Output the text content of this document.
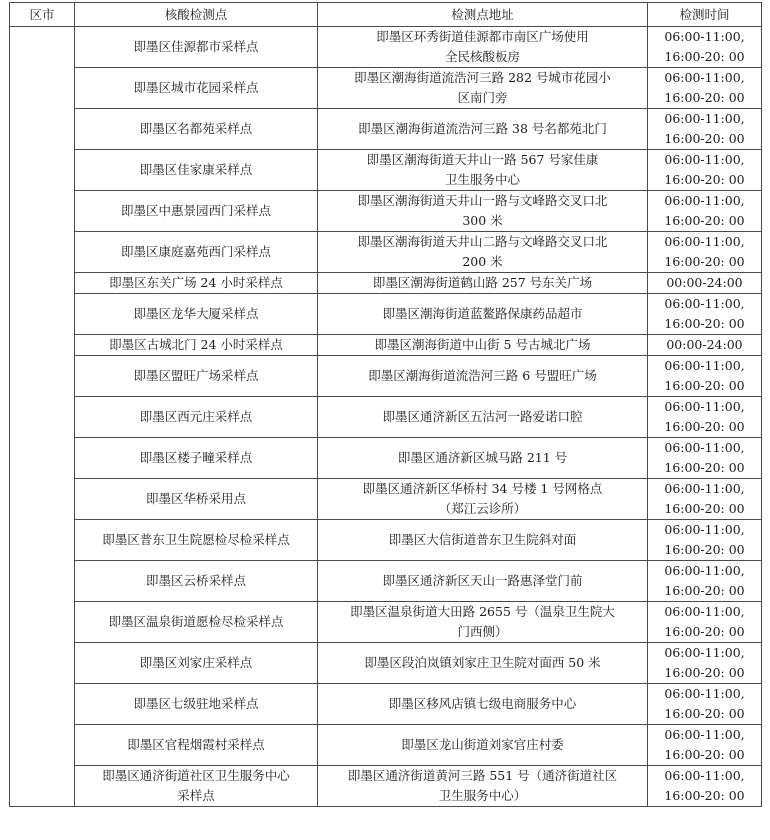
区市	核酸检测点	检测点地址	检测时间
	即墨区佳源都市采样点	即墨区环秀街道佳源都市南区广场使用
全民核酸板房	06:00-11:00,
16:00-20: 00
	即墨区城市花园采样点	即墨区潮海街道流浩河三路 282 号城市花园小
区南门旁	06:00-11:00,
16:00-20: 00
	即墨区名都苑采样点	即墨区潮海街道流浩河三路 38 号名都苑北门	06:00-11:00,
16:00-20: 00
	即墨区佳家康采样点	即墨区潮海街道天井山一路 567 号家佳康
卫生服务中心	06:00-11:00,
16:00-20: 00
	即墨区中惠景园西门采样点	即墨区潮海街道天井山一路与文峰路交叉口北
300 米	06:00-11:00,
16:00-20: 00
	即墨区康庭嘉苑西门采样点	即墨区潮海街道天井山二路与文峰路交叉口北
200 米	06:00-11:00,
16:00-20: 00
	即墨区东关广场 24 小时采样点	即墨区潮海街道鹤山路 257 号东关广场	00:00-24:00
	即墨区龙华大厦采样点	即墨区潮海街道蓝鳌路保康药品超市	06:00-11:00,
16:00-20: 00
	即墨区古城北门 24 小时采样点	即墨区潮海街道中山街 5 号古城北广场	00:00-24:00
	即墨区盟旺广场采样点	即墨区潮海街道流浩河三路 6 号盟旺广场	06:00-11:00,
16:00-20: 00
	即墨区西元庄采样点	即墨区通济新区五沽河一路爱诺口腔	06:00-11:00,
16:00-20: 00
	即墨区楼子疃采样点	即墨区通济新区城马路 211 号	06:00-11:00,
16:00-20: 00
	即墨区华桥采用点	即墨区通济新区华桥村 34 号楼 1 号网格点
（郑江云诊所）	06:00-11:00,
16:00-20: 00
	即墨区普东卫生院愿检尽检采样点	即墨区大信街道普东卫生院斜对面	06:00-11:00,
16:00-20: 00
	即墨区云桥采样点	即墨区通济新区天山一路惠泽堂门前	06:00-11:00,
16:00-20: 00
	即墨区温泉街道愿检尽检采样点	即墨区温泉街道大田路 2655 号（温泉卫生院大
门西侧）	06:00-11:00,
16:00-20: 00
	即墨区刘家庄采样点	即墨区段泊岚镇刘家庄卫生院对面西 50 米	06:00-11:00,
16:00-20: 00
	即墨区七级驻地采样点	即墨区移风店镇七级电商服务中心	06:00-11:00,
16:00-20: 00
	即墨区官程烟霞村采样点	即墨区龙山街道刘家官庄村委	06:00-11:00,
16:00-20: 00
	即墨区通济街道社区卫生服务中心
采样点	即墨区通济街道黄河三路 551 号（通济街道社区
卫生服务中心）	06:00-11:00,
16:00-20: 00
